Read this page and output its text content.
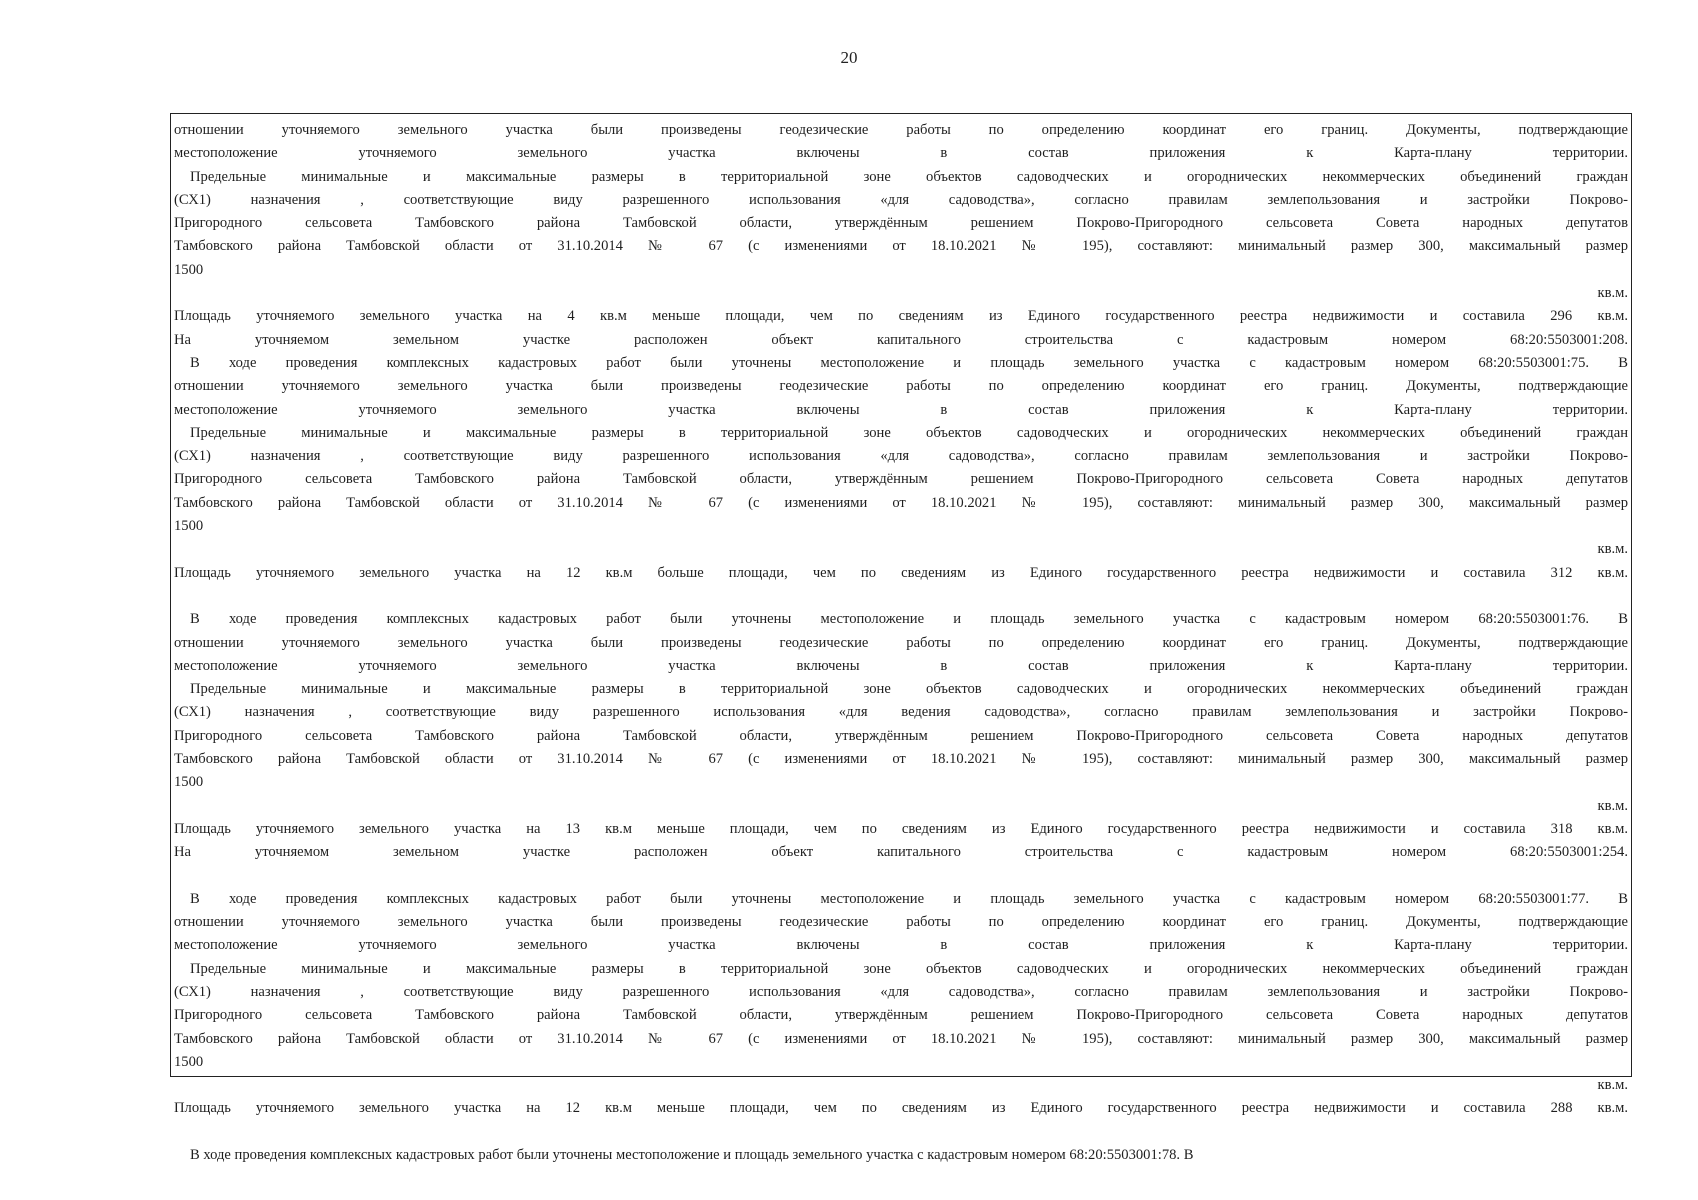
20
отношении уточняемого земельного участка были произведены геодезические работы по определению координат его границ. Документы, подтверждающие
местоположение уточняемого земельного участка включены в состав приложения к Карта-плану территории.
Предельные минимальные и максимальные размеры в территориальной зоне объектов садоводческих и огороднических некоммерческих объединений граждан
(СХ1) назначения , соответствующие виду разрешенного использования «для садоводства», согласно правилам землепользования и застройки Покрово-
Пригородного сельсовета Тамбовского района Тамбовской области, утверждённым решением Покрово-Пригородного сельсовета Совета народных депутатов
Тамбовского района Тамбовской области от 31.10.2014 № 67 (с изменениями от 18.10.2021 № 195), составляют: минимальный размер 300, максимальный размер
1500
кв.м.
Площадь уточняемого земельного участка на 4 кв.м меньше площади, чем по сведениям из Единого государственного реестра недвижимости и составила 296 кв.м.
На уточняемом земельном участке расположен объект капитального строительства с кадастровым номером 68:20:5503001:208.
В ходе проведения комплексных кадастровых работ были уточнены местоположение и площадь земельного участка с кадастровым номером 68:20:5503001:75. В
отношении уточняемого земельного участка были произведены геодезические работы по определению координат его границ. Документы, подтверждающие
местоположение уточняемого земельного участка включены в состав приложения к Карта-плану территории.
Предельные минимальные и максимальные размеры в территориальной зоне объектов садоводческих и огороднических некоммерческих объединений граждан
(СХ1) назначения , соответствующие виду разрешенного использования «для садоводства», согласно правилам землепользования и застройки Покрово-
Пригородного сельсовета Тамбовского района Тамбовской области, утверждённым решением Покрово-Пригородного сельсовета Совета народных депутатов
Тамбовского района Тамбовской области от 31.10.2014 № 67 (с изменениями от 18.10.2021 № 195), составляют: минимальный размер 300, максимальный размер
1500
кв.м.
Площадь уточняемого земельного участка на 12 кв.м больше площади, чем по сведениям из Единого государственного реестра недвижимости и составила 312 кв.м.
В ходе проведения комплексных кадастровых работ были уточнены местоположение и площадь земельного участка с кадастровым номером 68:20:5503001:76. В
отношении уточняемого земельного участка были произведены геодезические работы по определению координат его границ. Документы, подтверждающие
местоположение уточняемого земельного участка включены в состав приложения к Карта-плану территории.
Предельные минимальные и максимальные размеры в территориальной зоне объектов садоводческих и огороднических некоммерческих объединений граждан
(СХ1) назначения , соответствующие виду разрешенного использования «для ведения садоводства», согласно правилам землепользования и застройки Покрово-
Пригородного сельсовета Тамбовского района Тамбовской области, утверждённым решением Покрово-Пригородного сельсовета Совета народных депутатов
Тамбовского района Тамбовской области от 31.10.2014 № 67 (с изменениями от 18.10.2021 № 195), составляют: минимальный размер 300, максимальный размер
1500
кв.м.
Площадь уточняемого земельного участка на 13 кв.м меньше площади, чем по сведениям из Единого государственного реестра недвижимости и составила 318 кв.м.
На уточняемом земельном участке расположен объект капитального строительства с кадастровым номером 68:20:5503001:254.
В ходе проведения комплексных кадастровых работ были уточнены местоположение и площадь земельного участка с кадастровым номером 68:20:5503001:77. В
отношении уточняемого земельного участка были произведены геодезические работы по определению координат его границ. Документы, подтверждающие
местоположение уточняемого земельного участка включены в состав приложения к Карта-плану территории.
Предельные минимальные и максимальные размеры в территориальной зоне объектов садоводческих и огороднических некоммерческих объединений граждан
(СХ1) назначения , соответствующие виду разрешенного использования «для садоводства», согласно правилам землепользования и застройки Покрово-
Пригородного сельсовета Тамбовского района Тамбовской области, утверждённым решением Покрово-Пригородного сельсовета Совета народных депутатов
Тамбовского района Тамбовской области от 31.10.2014 № 67 (с изменениями от 18.10.2021 № 195), составляют: минимальный размер 300, максимальный размер
1500
кв.м.
Площадь уточняемого земельного участка на 12 кв.м меньше площади, чем по сведениям из Единого государственного реестра недвижимости и составила 288 кв.м.
В ходе проведения комплексных кадастровых работ были уточнены местоположение и площадь земельного участка с кадастровым номером 68:20:5503001:78. В
